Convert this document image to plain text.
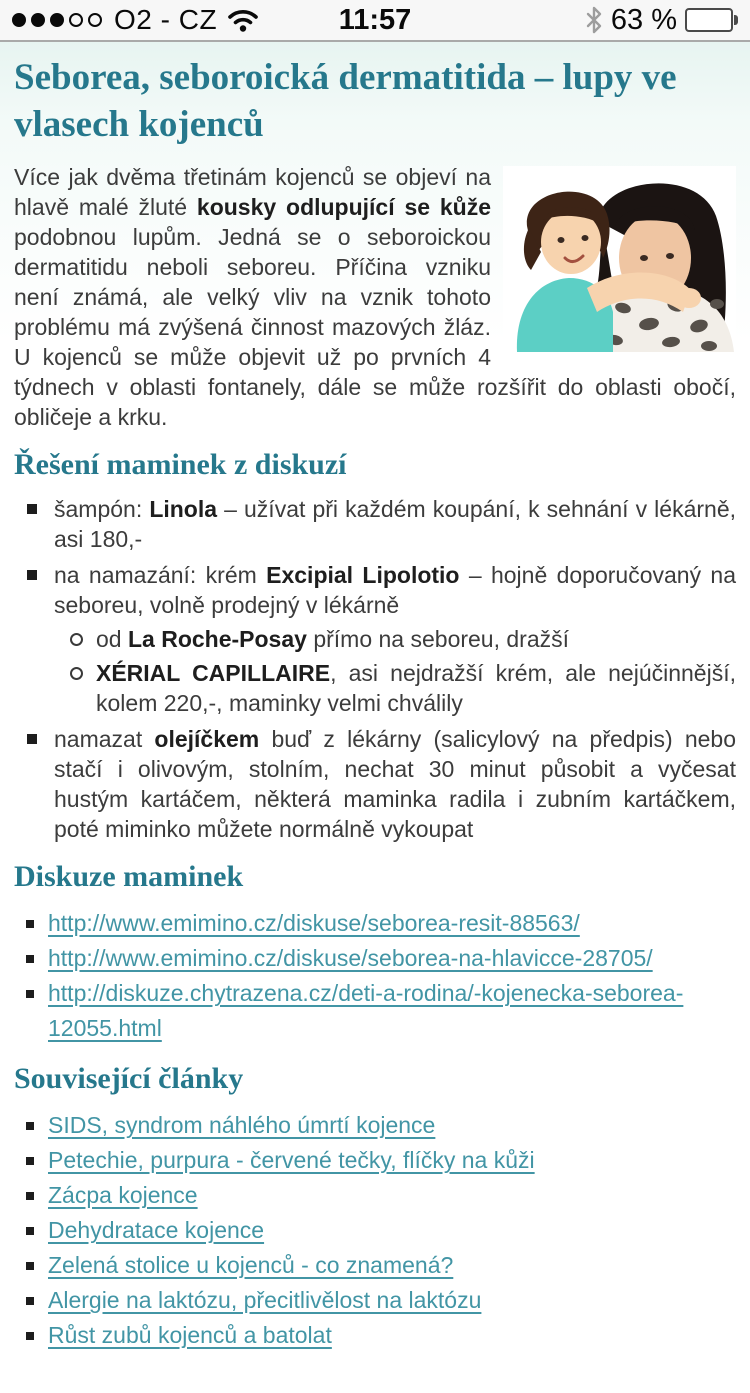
O2 - CZ	11:57	63 %
Seborea, seboroická dermatitida – lupy ve vlasech kojenců

Více jak dvěma třetinám kojenců se objeví na hlavě malé žluté kousky odlupující se kůže podobnou lupům. Jedná se o seboroickou dermatitidu neboli seboreu. Příčina vzniku není známá, ale velký vliv na vznik tohoto problému má zvýšená činnost mazových žláz. U kojenců se může objevit už po prvních 4 týdnech v oblasti fontanely, dále se může rozšířit do oblasti obočí, obličeje a krku.

Řešení maminek z diskuzí
šampón: Linola – užívat při každém koupání, k sehnání v lékárně, asi 180,-
na namazání: krém Excipial Lipolotio – hojně doporučovaný na seboreu, volně prodejný v lékárně
od La Roche-Posay přímo na seboreu, dražší
XÉRIAL CAPILLAIRE, asi nejdražší krém, ale nejúčinnější, kolem 220,-, maminky velmi chválily
namazat olejíčkem buď z lékárny (salicylový na předpis) nebo stačí i olivovým, stolním, nechat 30 minut působit a vyčesat hustým kartáčem, některá maminka radila i zubním kartáčkem, poté miminko můžete normálně vykoupat
Diskuze maminek
http://www.emimino.cz/diskuse/seborea-resit-88563/
http://www.emimino.cz/diskuse/seborea-na-hlavicce-28705/
http://diskuze.chytrazena.cz/deti-a-rodina/-kojenecka-seborea-12055.html
Související články
SIDS, syndrom náhlého úmrtí kojence
Petechie, purpura - červené tečky, flíčky na kůži
Zácpa kojence
Dehydratace kojence
Zelená stolice u kojenců - co znamená?
Alergie na laktózu, přecitlivělost na laktózu
Růst zubů kojenců a batolat
